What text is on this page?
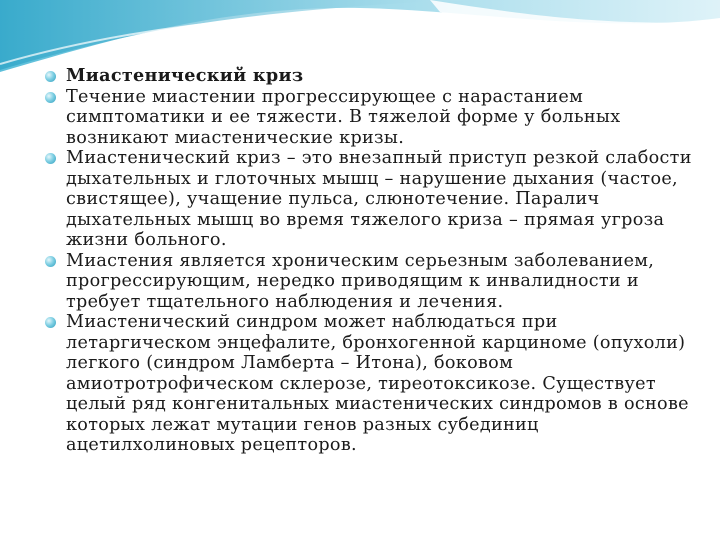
Миастенический криз
Течение миастении прогрессирующее с нарастанием симптоматики и ее тяжести. В тяжелой форме у больных возникают миастенические кризы.
Миастенический криз – это внезапный приступ резкой слабости дыхательных и глоточных мышц – нарушение дыхания (частое, свистящее), учащение пульса, слюнотечение. Паралич дыхательных мышц во время тяжелого криза – прямая угроза жизни больного.
Миастения является хроническим серьезным заболеванием, прогрессирующим, нередко приводящим к инвалидности и требует тщательного наблюдения и лечения.
Миастенический синдром может наблюдаться при летаргическом энцефалите, бронхогенной карциноме (опухоли) легкого (синдром Ламберта – Итона), боковом амиотротрофическом склерозе, тиреотоксикозе. Существует целый ряд конгенитальных миастенических синдромов в основе которых лежат мутации генов разных субединиц ацетилхолиновых рецепторов.
